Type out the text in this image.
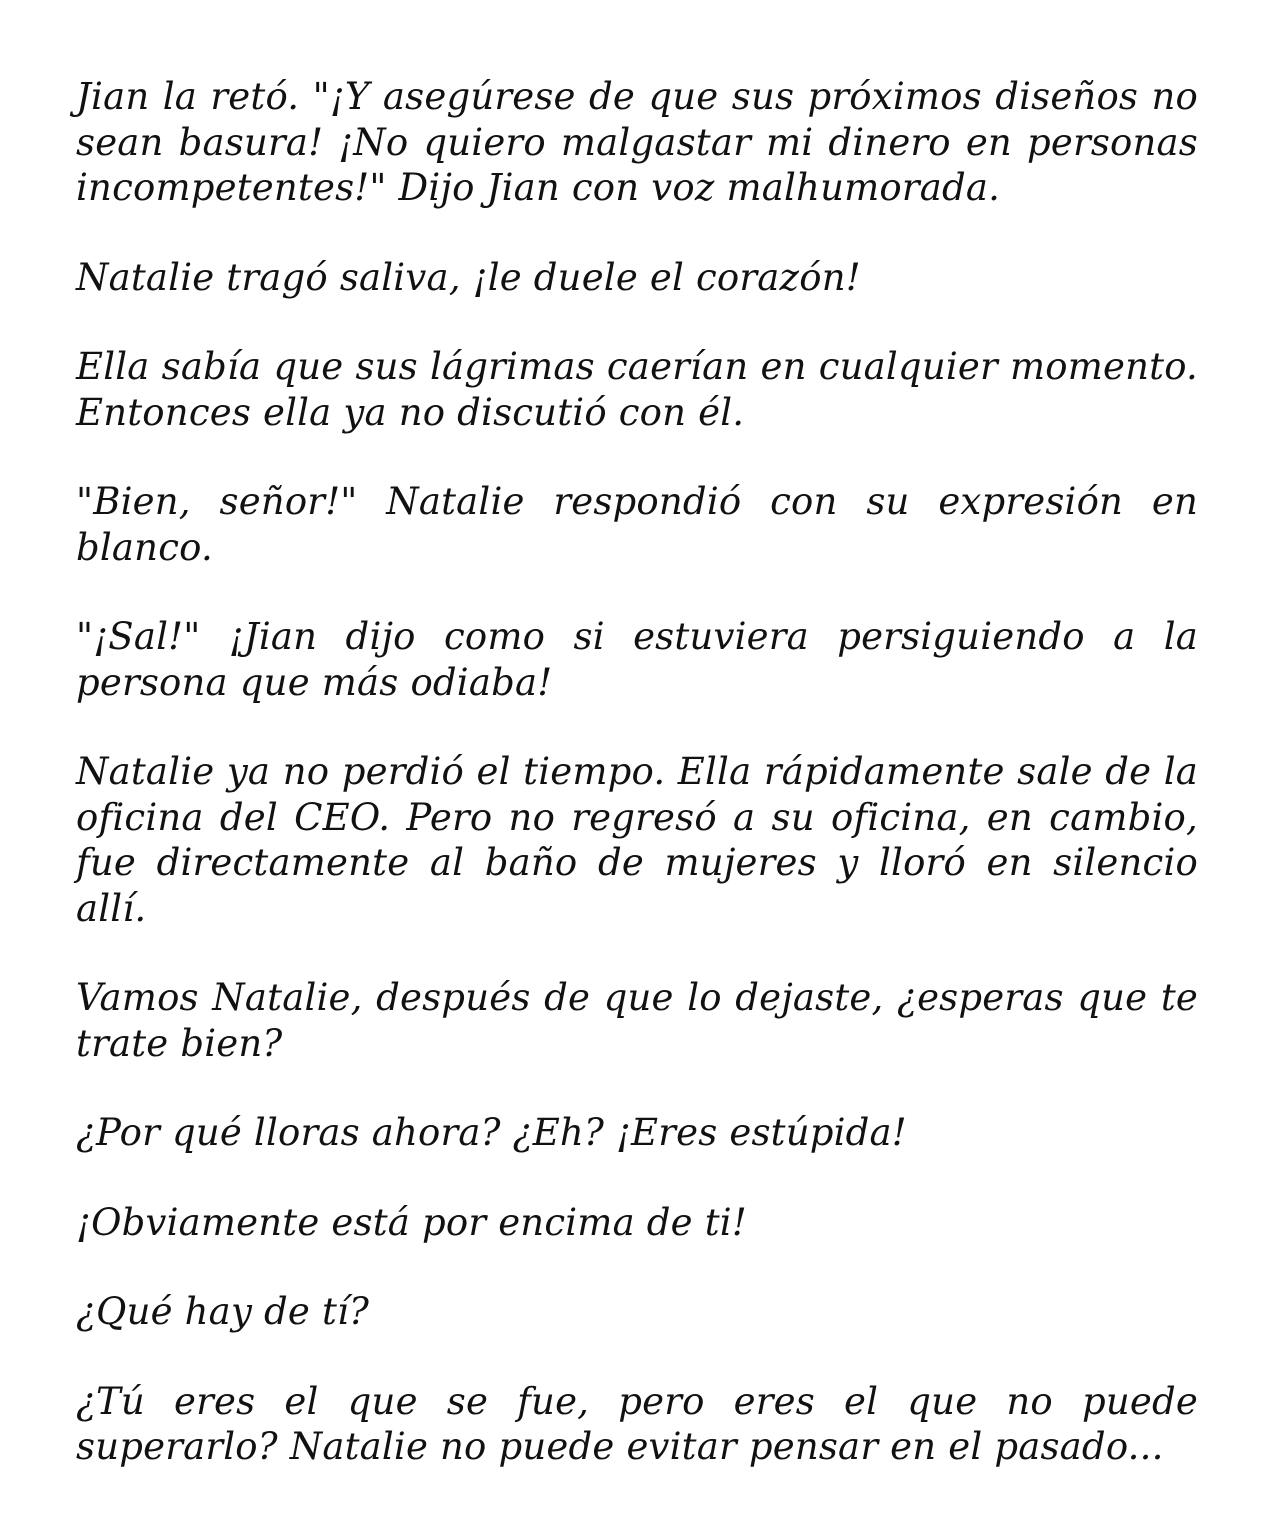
Jian la retó. "¡Y asegúrese de que sus próximos diseños no sean basura! ¡No quiero malgastar mi dinero en personas incompetentes!" Dijo Jian con voz malhumorada.

Natalie tragó saliva, ¡le duele el corazón!

Ella sabía que sus lágrimas caerían en cualquier momento. Entonces ella ya no discutió con él.

"Bien, señor!" Natalie respondió con su expresión en blanco.

"¡Sal!" ¡Jian dijo como si estuviera persiguiendo a la persona que más odiaba!

Natalie ya no perdió el tiempo. Ella rápidamente sale de la oficina del CEO. Pero no regresó a su oficina, en cambio, fue directamente al baño de mujeres y lloró en silencio allí.

Vamos Natalie, después de que lo dejaste, ¿esperas que te trate bien?

¿Por qué lloras ahora? ¿Eh? ¡Eres estúpida!

¡Obviamente está por encima de ti!

¿Qué hay de tí?

¿Tú eres el que se fue, pero eres el que no puede superarlo? Natalie no puede evitar pensar en el pasado...
